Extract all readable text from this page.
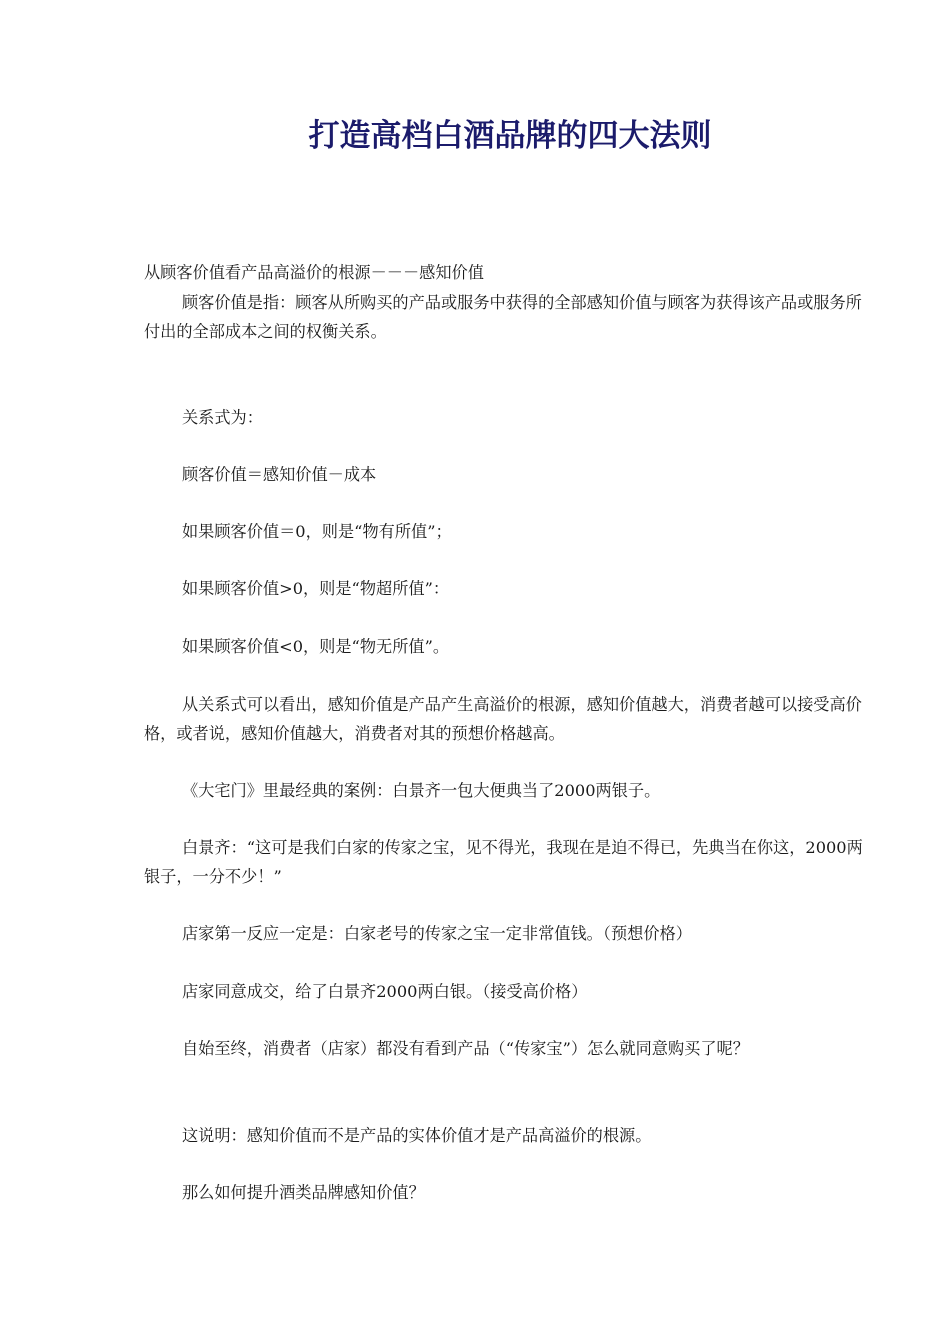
打造高档白酒品牌的四大法则

从顾客价值看产品高溢价的根源－－－感知价值

顾客价值是指：顾客从所购买的产品或服务中获得的全部感知价值与顾客为获得该产品或服务所付出的全部成本之间的权衡关系。

关系式为：

顾客价值＝感知价值－成本

如果顾客价值＝0，则是“物有所值”；

如果顾客价值>0，则是“物超所值”：

如果顾客价值<0，则是“物无所值”。

从关系式可以看出，感知价值是产品产生高溢价的根源，感知价值越大，消费者越可以接受高价格，或者说，感知价值越大，消费者对其的预想价格越高。

《大宅门》里最经典的案例：白景齐一包大便典当了2000两银子。

白景齐：“这可是我们白家的传家之宝，见不得光，我现在是迫不得已，先典当在你这，2000两银子，一分不少！”

店家第一反应一定是：白家老号的传家之宝一定非常值钱。（预想价格）

店家同意成交，给了白景齐2000两白银。（接受高价格）

自始至终，消费者（店家）都没有看到产品（“传家宝”）怎么就同意购买了呢？

这说明：感知价值而不是产品的实体价值才是产品高溢价的根源。

那么如何提升酒类品牌感知价值？
